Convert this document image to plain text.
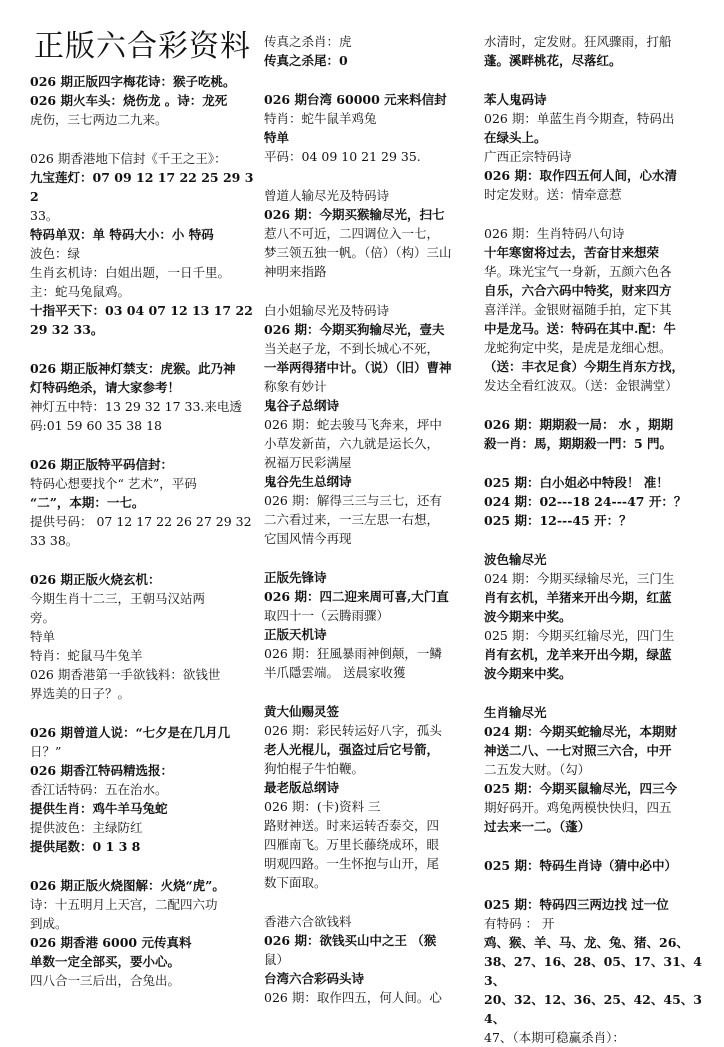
正版六合彩资料
026 期正版四字梅花诗：猴子吃桃。
026 期火车头：烧伤龙 。诗：龙死
虎伤，三七两边二九来。
026 期香港地下信封《千王之王》：
九宝莲灯：07 09 12 17 22 25 29 32
33。
特码单双：单 特码大小：小 特码
波色：绿
生肖玄机诗：白姐出题，一日千里。
主：蛇马兔鼠鸡。
十指平天下：03 04 07 12 13 17 22
29 32 33。
026 期正版神灯禁支：虎猴。此乃神
灯特码绝杀，请大家参考！
神灯五中特：13 29 32 17 33.来电透
码:01 59 60 35 38 18
026 期正版特平码信封：
特码心想要找个“ 艺术”，平码
“二”，本期：一七。
提供号码： 07 12 17 22 26 27 29 32
33 38。
026 期正版火烧玄机：
今期生肖十二三，王朝马汉站两
旁。
特单
特肖：蛇鼠马牛兔羊
026 期香港第一手欲钱料：欲钱世
界选美的日子？。
026 期曾道人说：“七夕是在几月几
日？”
026 期香江特码精选报：
香江话特码：五在治水。
提供生肖：鸡牛羊马兔蛇
提供波色：主绿防红
提供尾数：0 1 3 8
026 期正版火烧图解：火烧“虎”。
诗：十五明月上天宫，二配四六功
到成。
026 期香港 6000 元传真料
单数一定全部买，要小心。
四八合一三后出，合兔出。
传真之杀肖：虎
传真之杀尾：0
026 期台湾 60000 元来料信封
特肖：蛇牛鼠羊鸡兔
特单
平码：04 09 10 21 29 35.
曾道人输尽光及特码诗
026 期：今期买猴输尽光，扫七
惹八不可近，二四调位入一七，
梦三领五独一帆。（倍）（构）三山
神明来指路
白小姐输尽光及特码诗
026 期：今期买狗输尽光，壹夫
当关赵子龙，不到长城心不死，
一举两得猪中计。（说）（旧）曹神
称象有妙计
鬼谷子总纲诗
026 期：蛇去骏马飞奔来，坪中
小草发新苗，六九就是运长久，
祝福万民彩满屋
鬼谷先生总纲诗
026 期：解得三三与三七，还有
二六看过来，一三左思一右想，
它国风情今再现
正版先锋诗
026 期：四二迎来周可喜,大门直
取四十一（云腾雨骤）
正版天机诗
026 期：狂風暴雨神倒颠，一鳞
半爪隱雲端。 送晨家收獲
黄大仙赐灵签
026 期：彩民转运好八字，孤头
老人光棍儿，强盗过后它号箭，
狗怕棍子牛怕鞭。
最老版总纲诗
026 期：(卡)资料 三
路财神送。时来运转否泰交，四
四雁南飞。万里长藤绕成环，眼
明观四路。一生怀抱与山开，尾
数下面取。
香港六合欲钱料
026 期：欲钱买山中之王 （猴
鼠）
台湾六合彩码头诗
026 期：取作四五，何人间。心
水清时，定发财。狂风骤雨，打船
蓬。溪畔桃花，尽落红。
苯人鬼码诗
026 期：单蓝生肖今期查，特码出
在绿头上。
广西正宗特码诗
026 期：取作四五何人间，心水清
时定发财。送：情牵意惹
026 期：生肖特码八句诗
十年寒窗将过去，苦奋甘来想荣
华。珠光宝气一身新，五颜六色各
自乐，六合六码中特奖，财来四方
喜洋洋。金银财福随手拍，定下其
中是龙马。送：特码在其中.配：牛
龙蛇狗定中奖，是虎是龙细心想。
（送：丰衣足食）今期生肖东方找，
发达全看红波双。（送：金银满堂）
026 期：期期殺一局： 水 ，期期
殺一肖：馬，期期殺一門：5 門。
025 期：白小姐必中特段！ 准！
024 期：02---18 24---47 开：？
025 期：12---45 开：？
波色输尽光
024 期：今期买绿输尽光，三门生
肖有玄机，羊猪来开出今期，红蓝
波今期来中奖。
025 期：今期买红输尽光，四门生
肖有玄机，龙羊来开出今期，绿蓝
波今期来中奖。
生肖输尽光
024 期：今期买蛇输尽光，本期财
神送二八、一七对照三六合，中开
二五发大财。（勾）
025 期：今期买鼠输尽光，四三今
期好码开。鸡兔两模快快归，四五
过去来一二。（蓬）
025 期：特码生肖诗（猜中必中）
025 期：特码四三两边找 过一位
有特码 ： 开
鸡、猴、羊、马、龙、兔、猪、26、
38、27、16、28、05、17、31、43、
20、32、12、36、25、42、45、34、
47、（本期可稳赢杀肖）：
